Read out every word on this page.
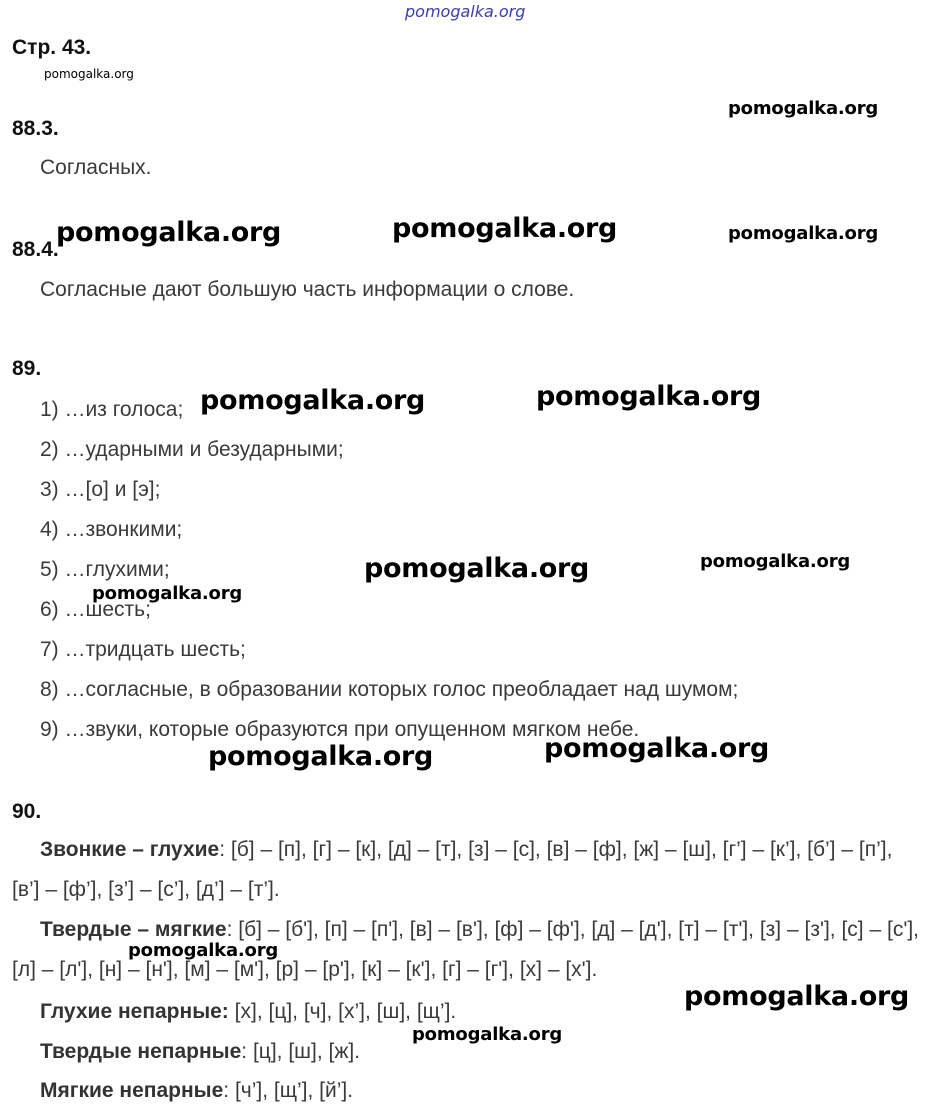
pomogalka.org
Стр. 43.
pomogalka.org
88.3.
pomogalka.org
Согласных.
88.4.
pomogalka.org	pomogalka.org	pomogalka.org
Согласные дают большую часть информации о слове.
89.
1) …из голоса;
2) …ударными и безударными;
3) …[о] и [э];
4) …звонкими;
5) …глухими;
6) …шесть;
7) …тридцать шесть;
8) …согласные, в образовании которых голос преобладает над шумом;
9) …звуки, которые образуются при опущенном мягком небе.
pomogalka.org	pomogalka.org
pomogalka.org	pomogalka.org
pomogalka.org
pomogalka.org	pomogalka.org
90.
Звонкие – глухие: [б] – [п], [г] – [к], [д] – [т], [з] – [с], [в] – [ф], [ж] – [ш], [г’] – [к’], [б’] – [п’], [в’] – [ф’], [з’] – [с’], [д’] – [т’].
Твердые – мягкие: [б] – [б'], [п] – [п'], [в] – [в'], [ф] – [ф'], [д] – [д'], [т] – [т'], [з] – [з'], [с] – [с'], [л] – [л'], [н] – [н'], [м] – [м'], [р] – [р'], [к] – [к'], [г] – [г'], [х] – [х'].
Глухие непарные: [х], [ц], [ч], [х’], [ш], [щ’].
Твердые непарные: [ц], [ш], [ж].
Мягкие непарные: [ч’], [щ’], [й’].
pomogalka.org
pomogalka.org
pomogalka.org
